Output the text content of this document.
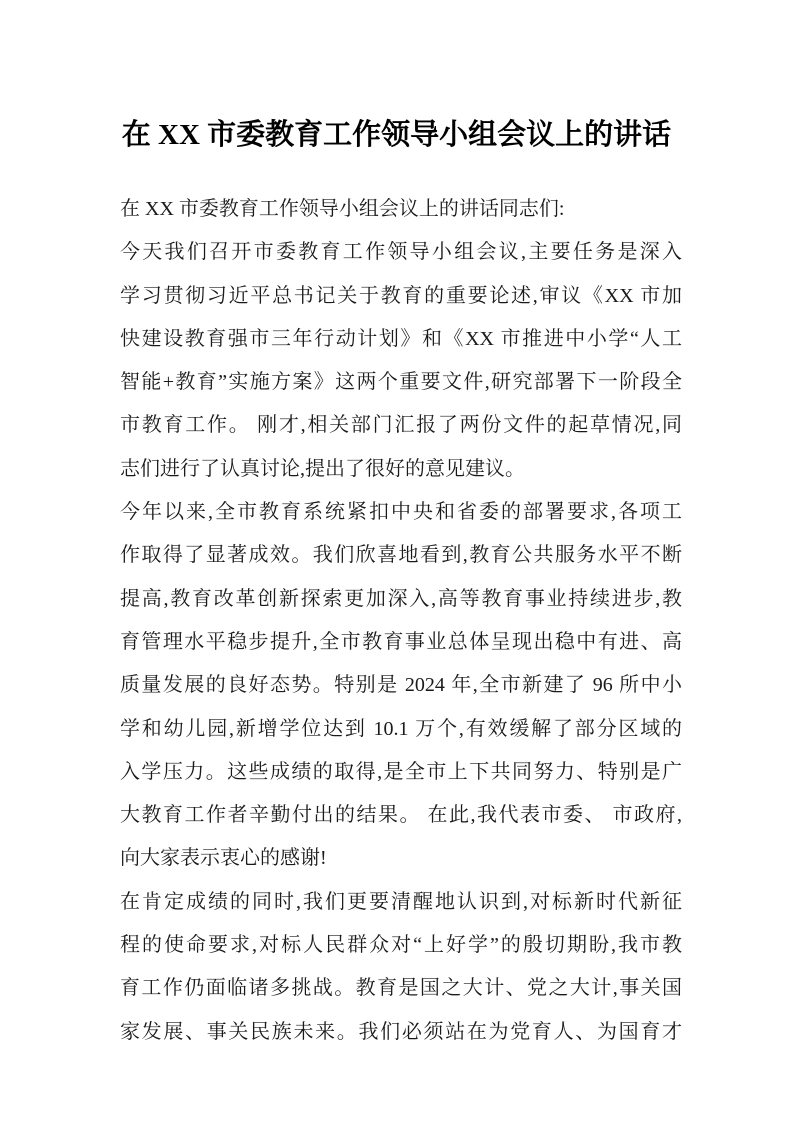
在 XX 市委教育工作领导小组会议上的讲话
在 XX 市委教育工作领导小组会议上的讲话同志们:
今天我们召开市委教育工作领导小组会议,主要任务是深入
学习贯彻习近平总书记关于教育的重要论述,审议《XX 市加
快建设教育强市三年行动计划》和《XX 市推进中小学“人工
智能+教育”实施方案》这两个重要文件,研究部署下一阶段全
市教育工作。 刚才,相关部门汇报了两份文件的起草情况,同
志们进行了认真讨论,提出了很好的意见建议。
今年以来,全市教育系统紧扣中央和省委的部署要求,各项工
作取得了显著成效。我们欣喜地看到,教育公共服务水平不断
提高,教育改革创新探索更加深入,高等教育事业持续进步,教
育管理水平稳步提升,全市教育事业总体呈现出稳中有进、高
质量发展的良好态势。特别是 2024 年,全市新建了 96 所中小
学和幼儿园,新增学位达到 10.1 万个,有效缓解了部分区域的
入学压力。这些成绩的取得,是全市上下共同努力、特别是广
大教育工作者辛勤付出的结果。 在此,我代表市委、 市政府,
向大家表示衷心的感谢!
在肯定成绩的同时,我们更要清醒地认识到,对标新时代新征
程的使命要求,对标人民群众对“上好学”的殷切期盼,我市教
育工作仍面临诸多挑战。教育是国之大计、党之大计,事关国
家发展、事关民族未来。我们必须站在为党育人、为国育才
